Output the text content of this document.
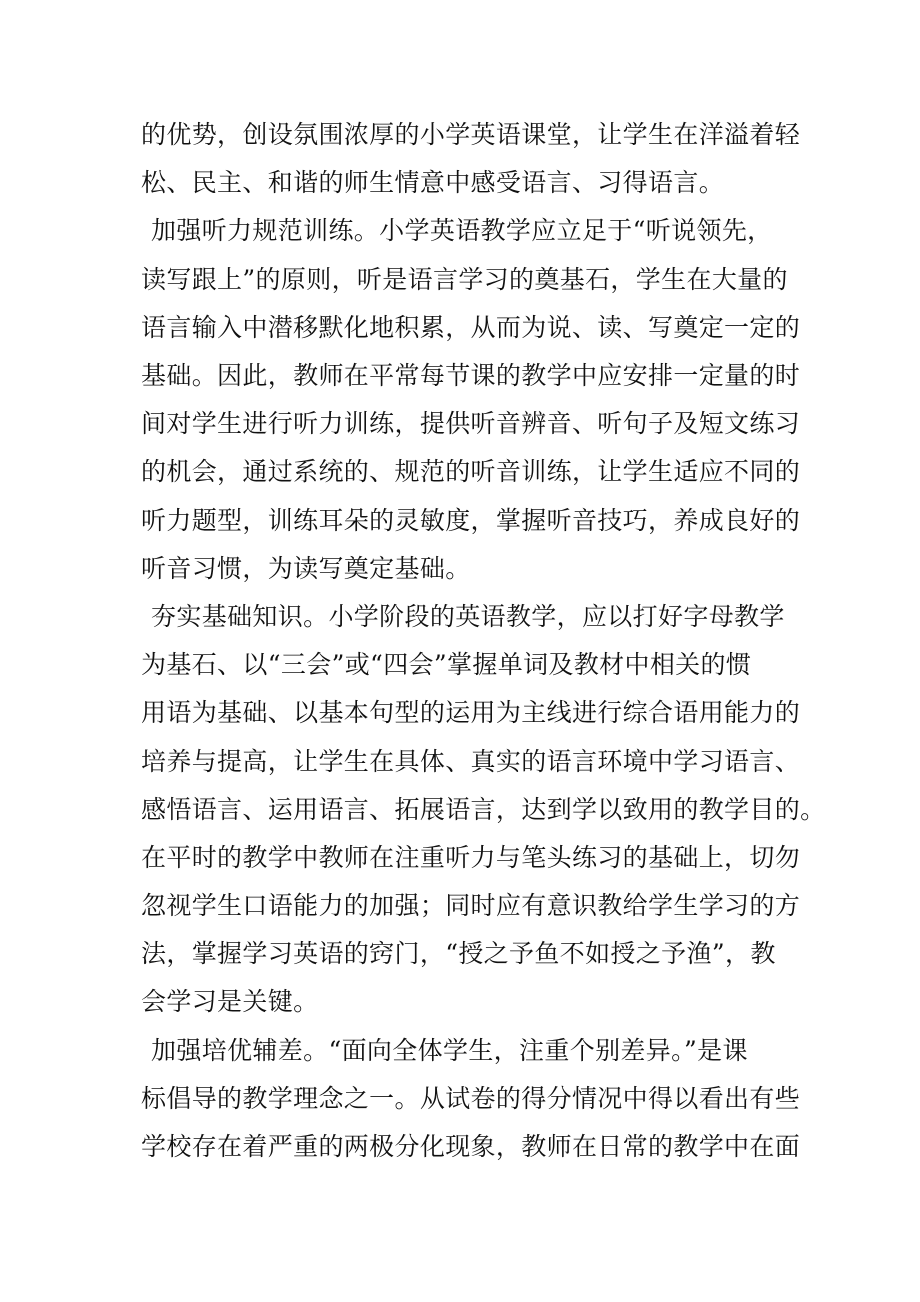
的优势，创设氛围浓厚的小学英语课堂，让学生在洋溢着轻
松、民主、和谐的师生情意中感受语言、习得语言。
加强听力规范训练。小学英语教学应立足于“听说领先，
读写跟上”的原则，听是语言学习的奠基石，学生在大量的
语言输入中潜移默化地积累，从而为说、读、写奠定一定的
基础。因此，教师在平常每节课的教学中应安排一定量的时
间对学生进行听力训练，提供听音辨音、听句子及短文练习
的机会，通过系统的、规范的听音训练，让学生适应不同的
听力题型，训练耳朵的灵敏度，掌握听音技巧，养成良好的
听音习惯，为读写奠定基础。
夯实基础知识。小学阶段的英语教学，应以打好字母教学
为基石、以“三会”或“四会”掌握单词及教材中相关的惯
用语为基础、以基本句型的运用为主线进行综合语用能力的
培养与提高，让学生在具体、真实的语言环境中学习语言、
感悟语言、运用语言、拓展语言，达到学以致用的教学目的。
在平时的教学中教师在注重听力与笔头练习的基础上，切勿
忽视学生口语能力的加强；同时应有意识教给学生学习的方
法，掌握学习英语的窍门，“授之予鱼不如授之予渔”，教
会学习是关键。
加强培优辅差。“面向全体学生，注重个别差异。”是课
标倡导的教学理念之一。从试卷的得分情况中得以看出有些
学校存在着严重的两极分化现象，教师在日常的教学中在面
